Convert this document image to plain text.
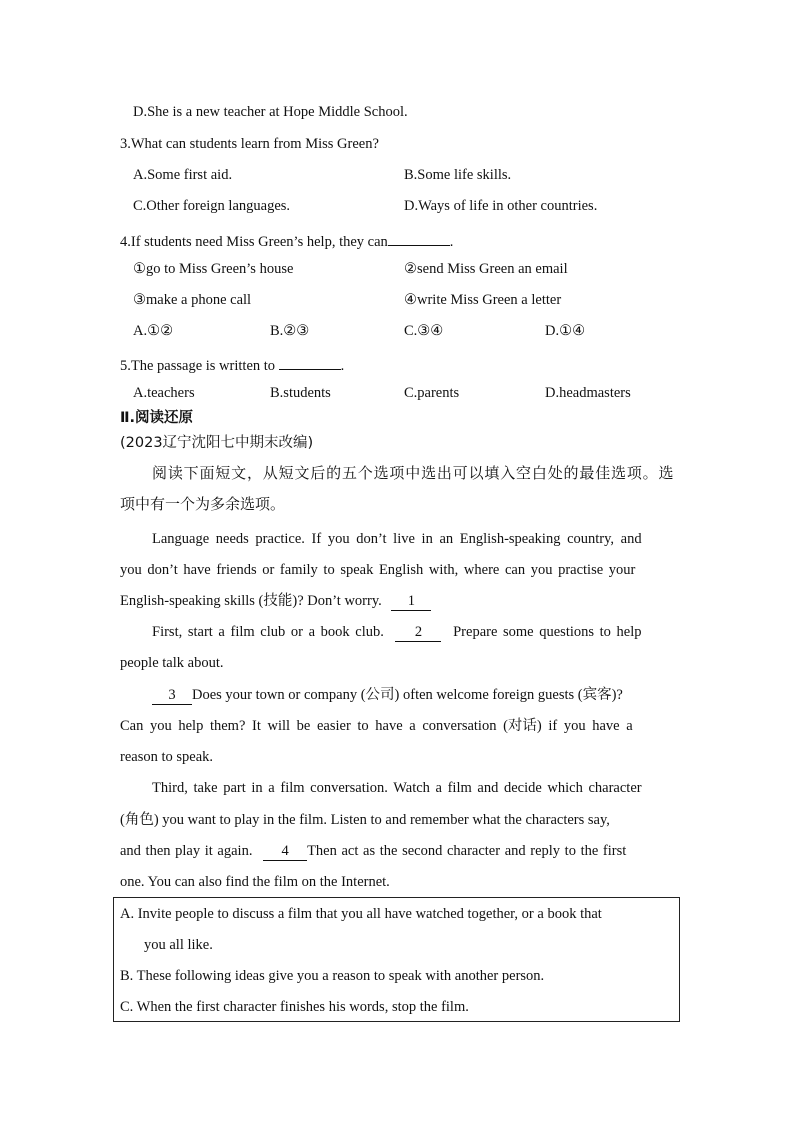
D.She is a new teacher at Hope Middle School.
3.What can students learn from Miss Green?
A.Some first aid.	B.Some life skills.
C.Other foreign languages.	D.Ways of life in other countries.
4.If students need Miss Green’s help, they can	.
①go to Miss Green’s house	②send Miss Green an email
③make a phone call	④write Miss Green a letter
A.①②	B.②③	C.③④	D.①④
5.The passage is written to	.
A.teachers	B.students	C.parents	D.headmasters
Ⅱ.阅读还原
(2023辽宁沈阳七中期末改编)
阅 读 下 面 短 文 ， 从 短 文 后 的 五 个 选 项 中 选 出 可 以 填 入 空 白 处 的 最 佳 选 项 。 选
项中有一个为多余选项。
Language needs practice. If you don’t live in an English-speaking country, and
you don’t have friends or family to speak English with, where can you practise your
English-speaking skills (技能)? Don’t worry. 1
First, start a film club or a book club. 2 Prepare some questions to help
people talk about.
3 Does your town or company (公司) often welcome foreign guests (宾客)?
Can you help them? It will be easier to have a conversation (对话) if you have a
reason to speak.
Third, take part in a film conversation. Watch a film and decide which character
(角色) you want to play in the film. Listen to and remember what the characters say,
and then play it again. 4 Then act as the second character and reply to the first
one. You can also find the film on the Internet.
A. Invite people to discuss a film that you all have watched together, or a book that
you all like.
B. These following ideas give you a reason to speak with another person.
C. When the first character finishes his words, stop the film.
